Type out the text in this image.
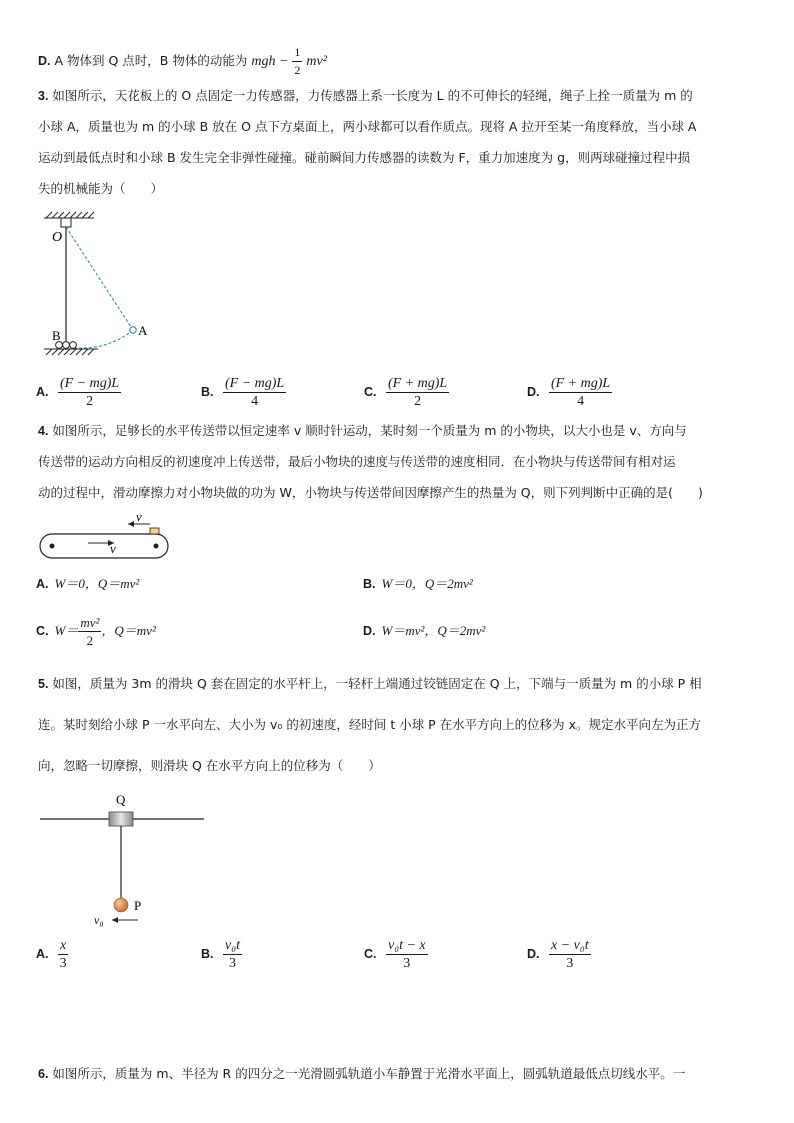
D. A 物体到 Q 点时，B 物体的动能为 mgh − $\frac{1}{2} mv^2$
3. 如图所示，天花板上的 O 点固定一力传感器，力传感器上系一长度为 L 的不可伸长的轻绳，绳子上拴一质量为 m 的
小球 A，质量也为 m 的小球 B 放在 O 点下方桌面上，两小球都可以看作质点。现将 A 拉开至某一角度释放，当小球 A
运动到最低点时和小球 B 发生完全非弹性碰撞。碰前瞬间力传感器的读数为 F，重力加速度为 g，则两球碰撞过程中损
失的机械能为（　　）
O
A
B
A. $\frac{(F - mg)L}{2}$	B. $\frac{(F - mg)L}{4}$	C. $\frac{(F + mg)L}{2}$	D. $\frac{(F + mg)L}{4}$
4. 如图所示，足够长的水平传送带以恒定速率 v 顺时针运动，某时刻一个质量为 m 的小物块，以大小也是 v、方向与
传送带的运动方向相反的初速度冲上传送带，最后小物块的速度与传送带的速度相同．在小物块与传送带间有相对运
动的过程中，滑动摩擦力对小物块做的功为 W，小物块与传送带间因摩擦产生的热量为 Q，则下列判断中正确的是(　　)
v
v
A. W＝0，Q＝mv²	B. W＝0，Q＝2mv²
C. $W= \frac{\text{mv²}}{2}$ ，Q＝mv²	D. W＝mv²，Q＝2mv²
5. 如图，质量为 3m 的滑块 Q 套在固定的水平杆上，一轻杆上端通过铰链固定在 Q 上，下端与一质量为 m 的小球 P 相
连。某时刻给小球 P 一水平向左、大小为 v₀ 的初速度，经时间 t 小球 P 在水平方向上的位移为 x。规定水平向左为正方
向，忽略一切摩擦，则滑块 Q 在水平方向上的位移为（　　）
Q
P
v₀
A. $\frac{x}{3}$	B. $\frac{\text{v₀t}}{3}$	C. $\frac{\text{v₀t − x}}{3}$	D. $\frac{\text{x − v₀t}}{3}$
6. 如图所示，质量为 m、半径为 R 的四分之一光滑圆弧轨道小车静置于光滑水平面上，圆弧轨道最低点切线水平。一
